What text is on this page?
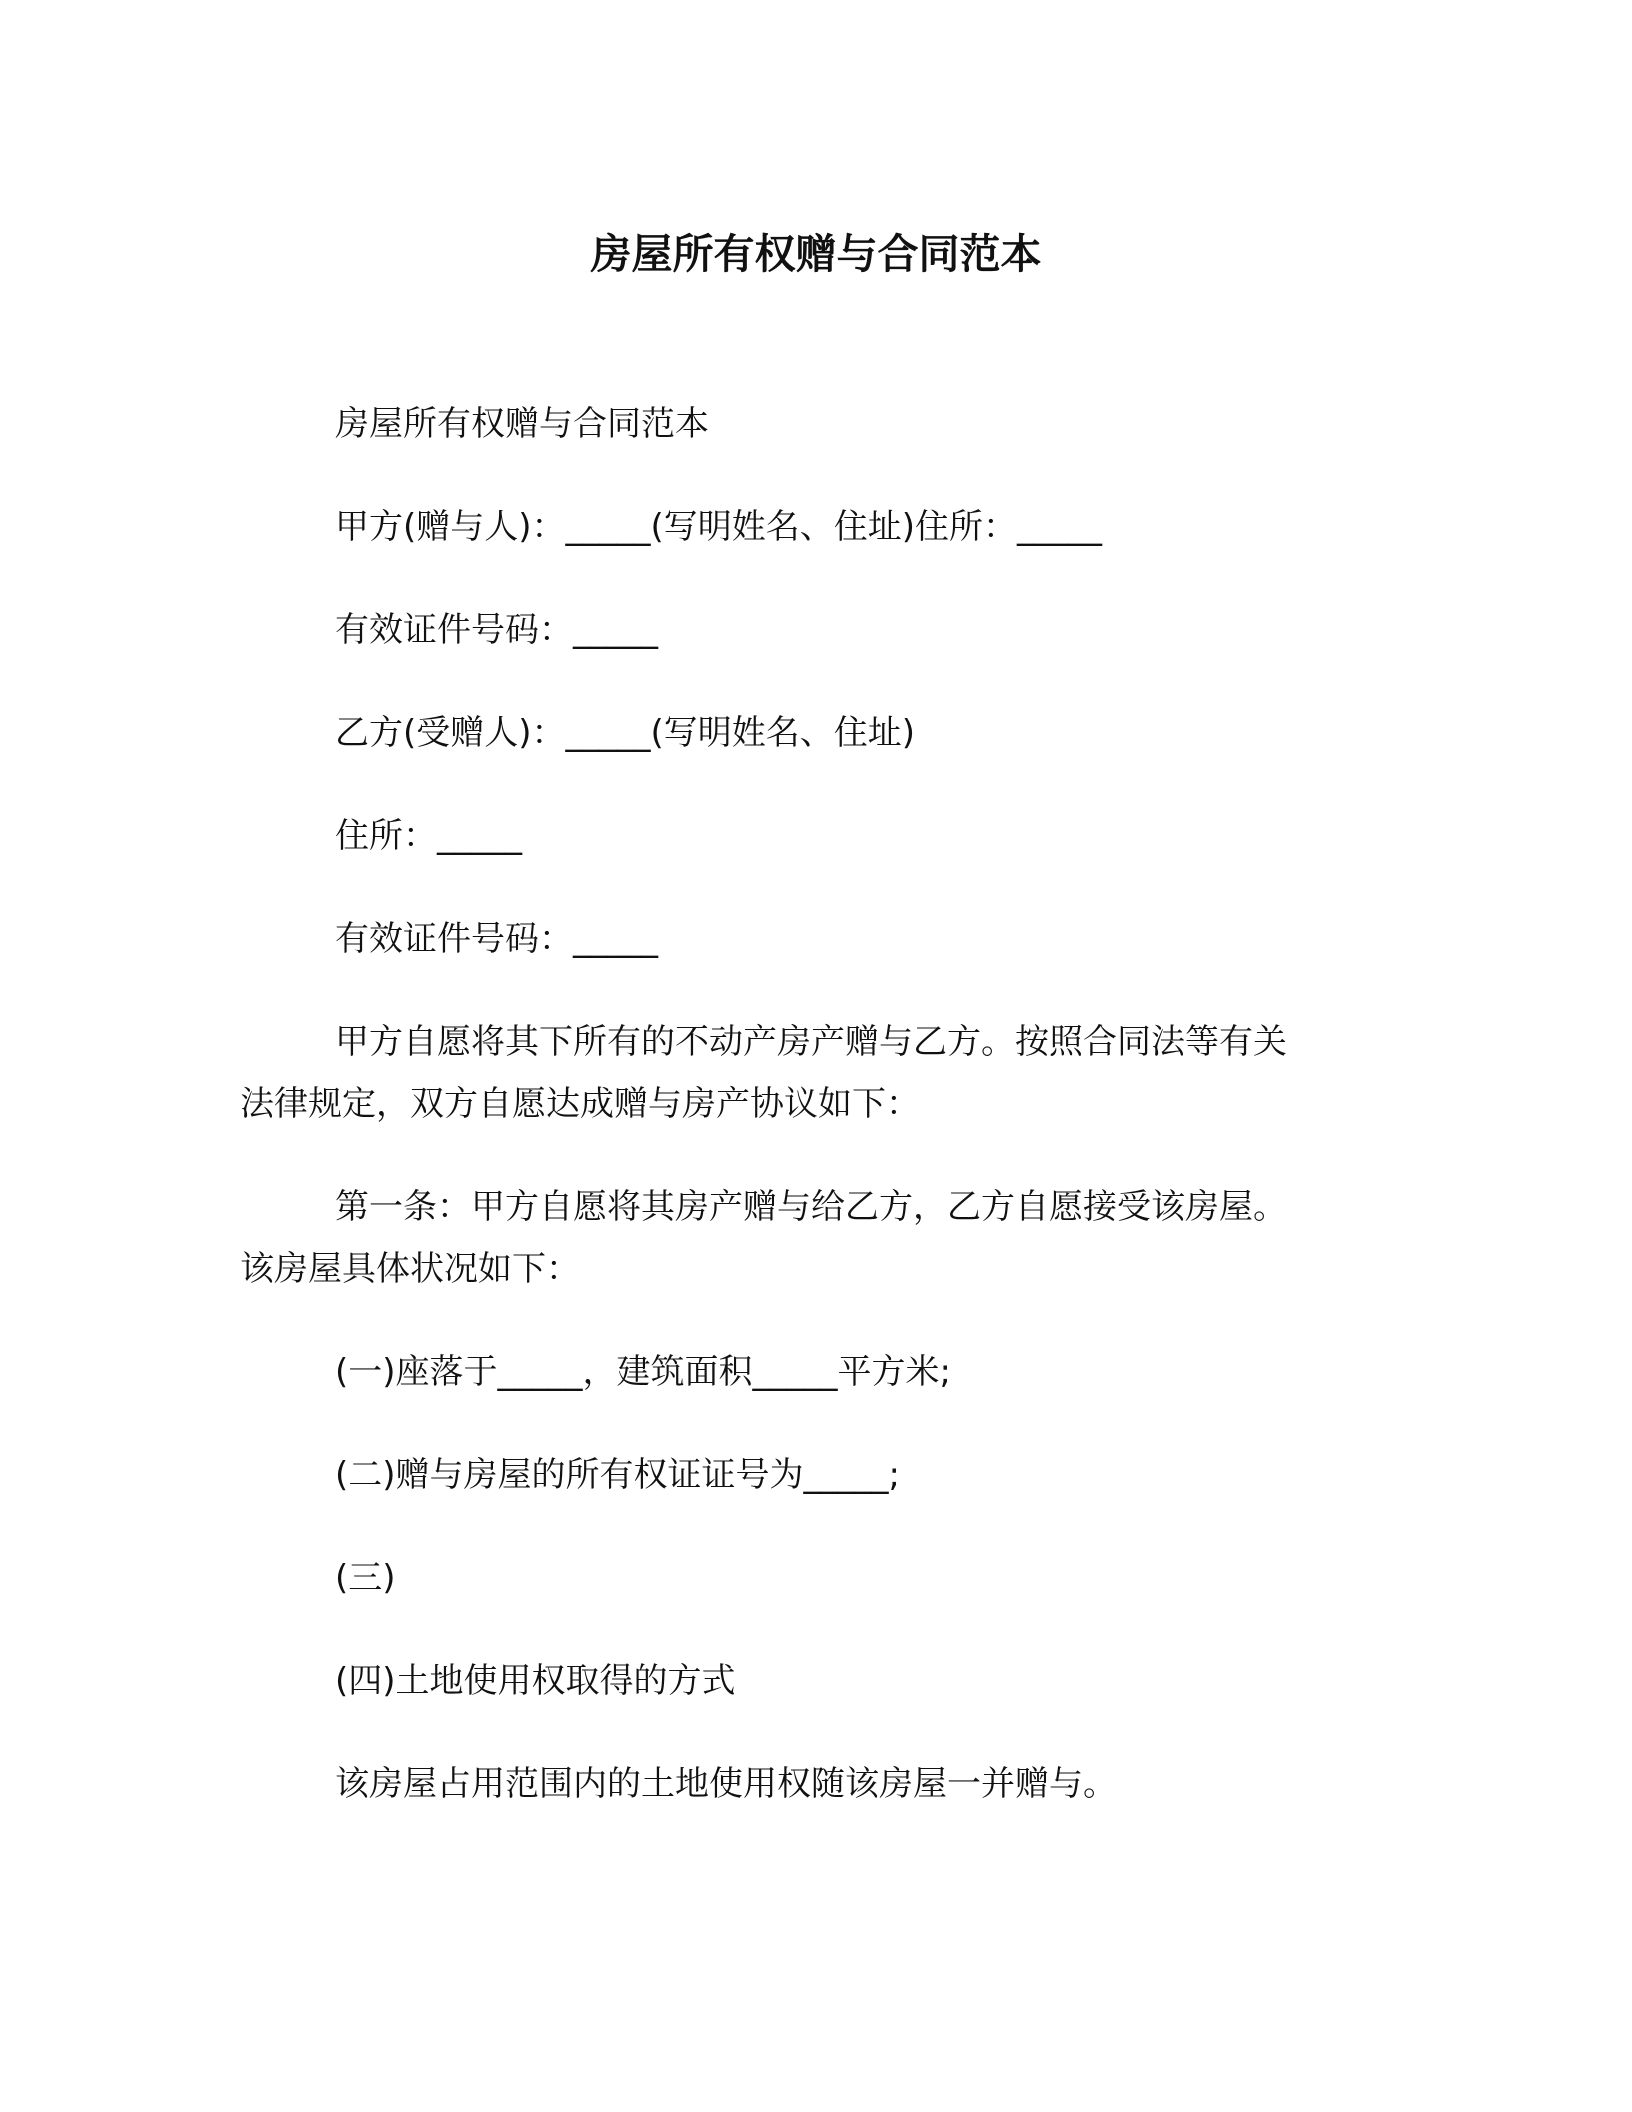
房屋所有权赠与合同范本

房屋所有权赠与合同范本

甲方(赠与人)：_____(写明姓名、住址)住所：_____

有效证件号码：_____

乙方(受赠人)：_____(写明姓名、住址)

住所：_____

有效证件号码：_____

甲方自愿将其下所有的不动产房产赠与乙方。按照合同法等有关

法律规定，双方自愿达成赠与房产协议如下：

第一条：甲方自愿将其房产赠与给乙方，乙方自愿接受该房屋。

该房屋具体状况如下：

(一)座落于_____，建筑面积_____平方米;

(二)赠与房屋的所有权证证号为_____;

(三)

(四)土地使用权取得的方式

该房屋占用范围内的土地使用权随该房屋一并赠与。
